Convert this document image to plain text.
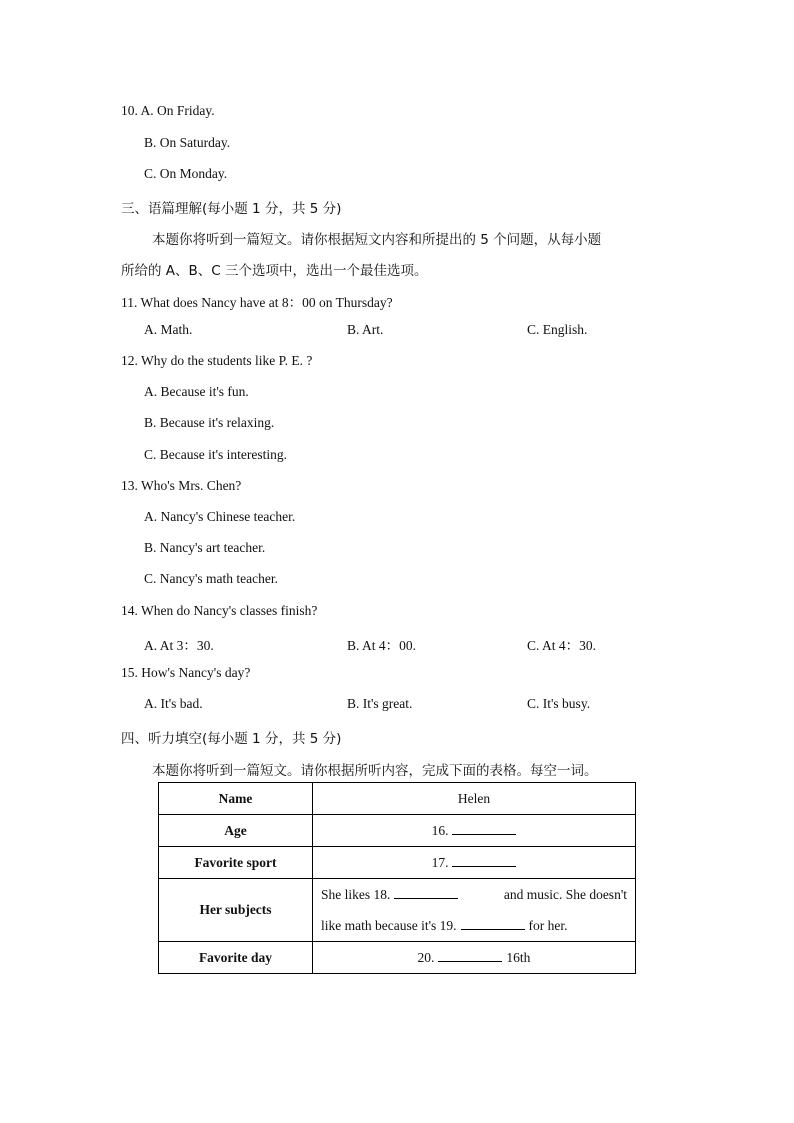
10. A. On Friday.
B. On Saturday.
C. On Monday.
三、语篇理解(每小题 1 分，共 5 分)
本题你将听到一篇短文。请你根据短文内容和所提出的 5 个问题，从每小题
所给的 A、B、C 三个选项中，选出一个最佳选项。
11. What does Nancy have at 8：00 on Thursday?
A. Math.	B. Art.	C. English.
12. Why do the students like P. E. ?
A. Because it's fun.
B. Because it's relaxing.
C. Because it's interesting.
13. Who's Mrs. Chen?
A. Nancy's Chinese teacher.
B. Nancy's art teacher.
C. Nancy's math teacher.
14. When do Nancy's classes finish?
A. At 3：30.	B. At 4：00.	C. At 4：30.
15. How's Nancy's day?
A. It's bad.	B. It's great.	C. It's busy.
四、听力填空(每小题 1 分，共 5 分)
本题你将听到一篇短文。请你根据所听内容，完成下面的表格。每空一词。
Name	Helen
Age	16.
Favorite sport	17.
Her subjects	She likes 18. and music. She doesn't
like math because it's 19. for her.

Favorite day	20. 16th
